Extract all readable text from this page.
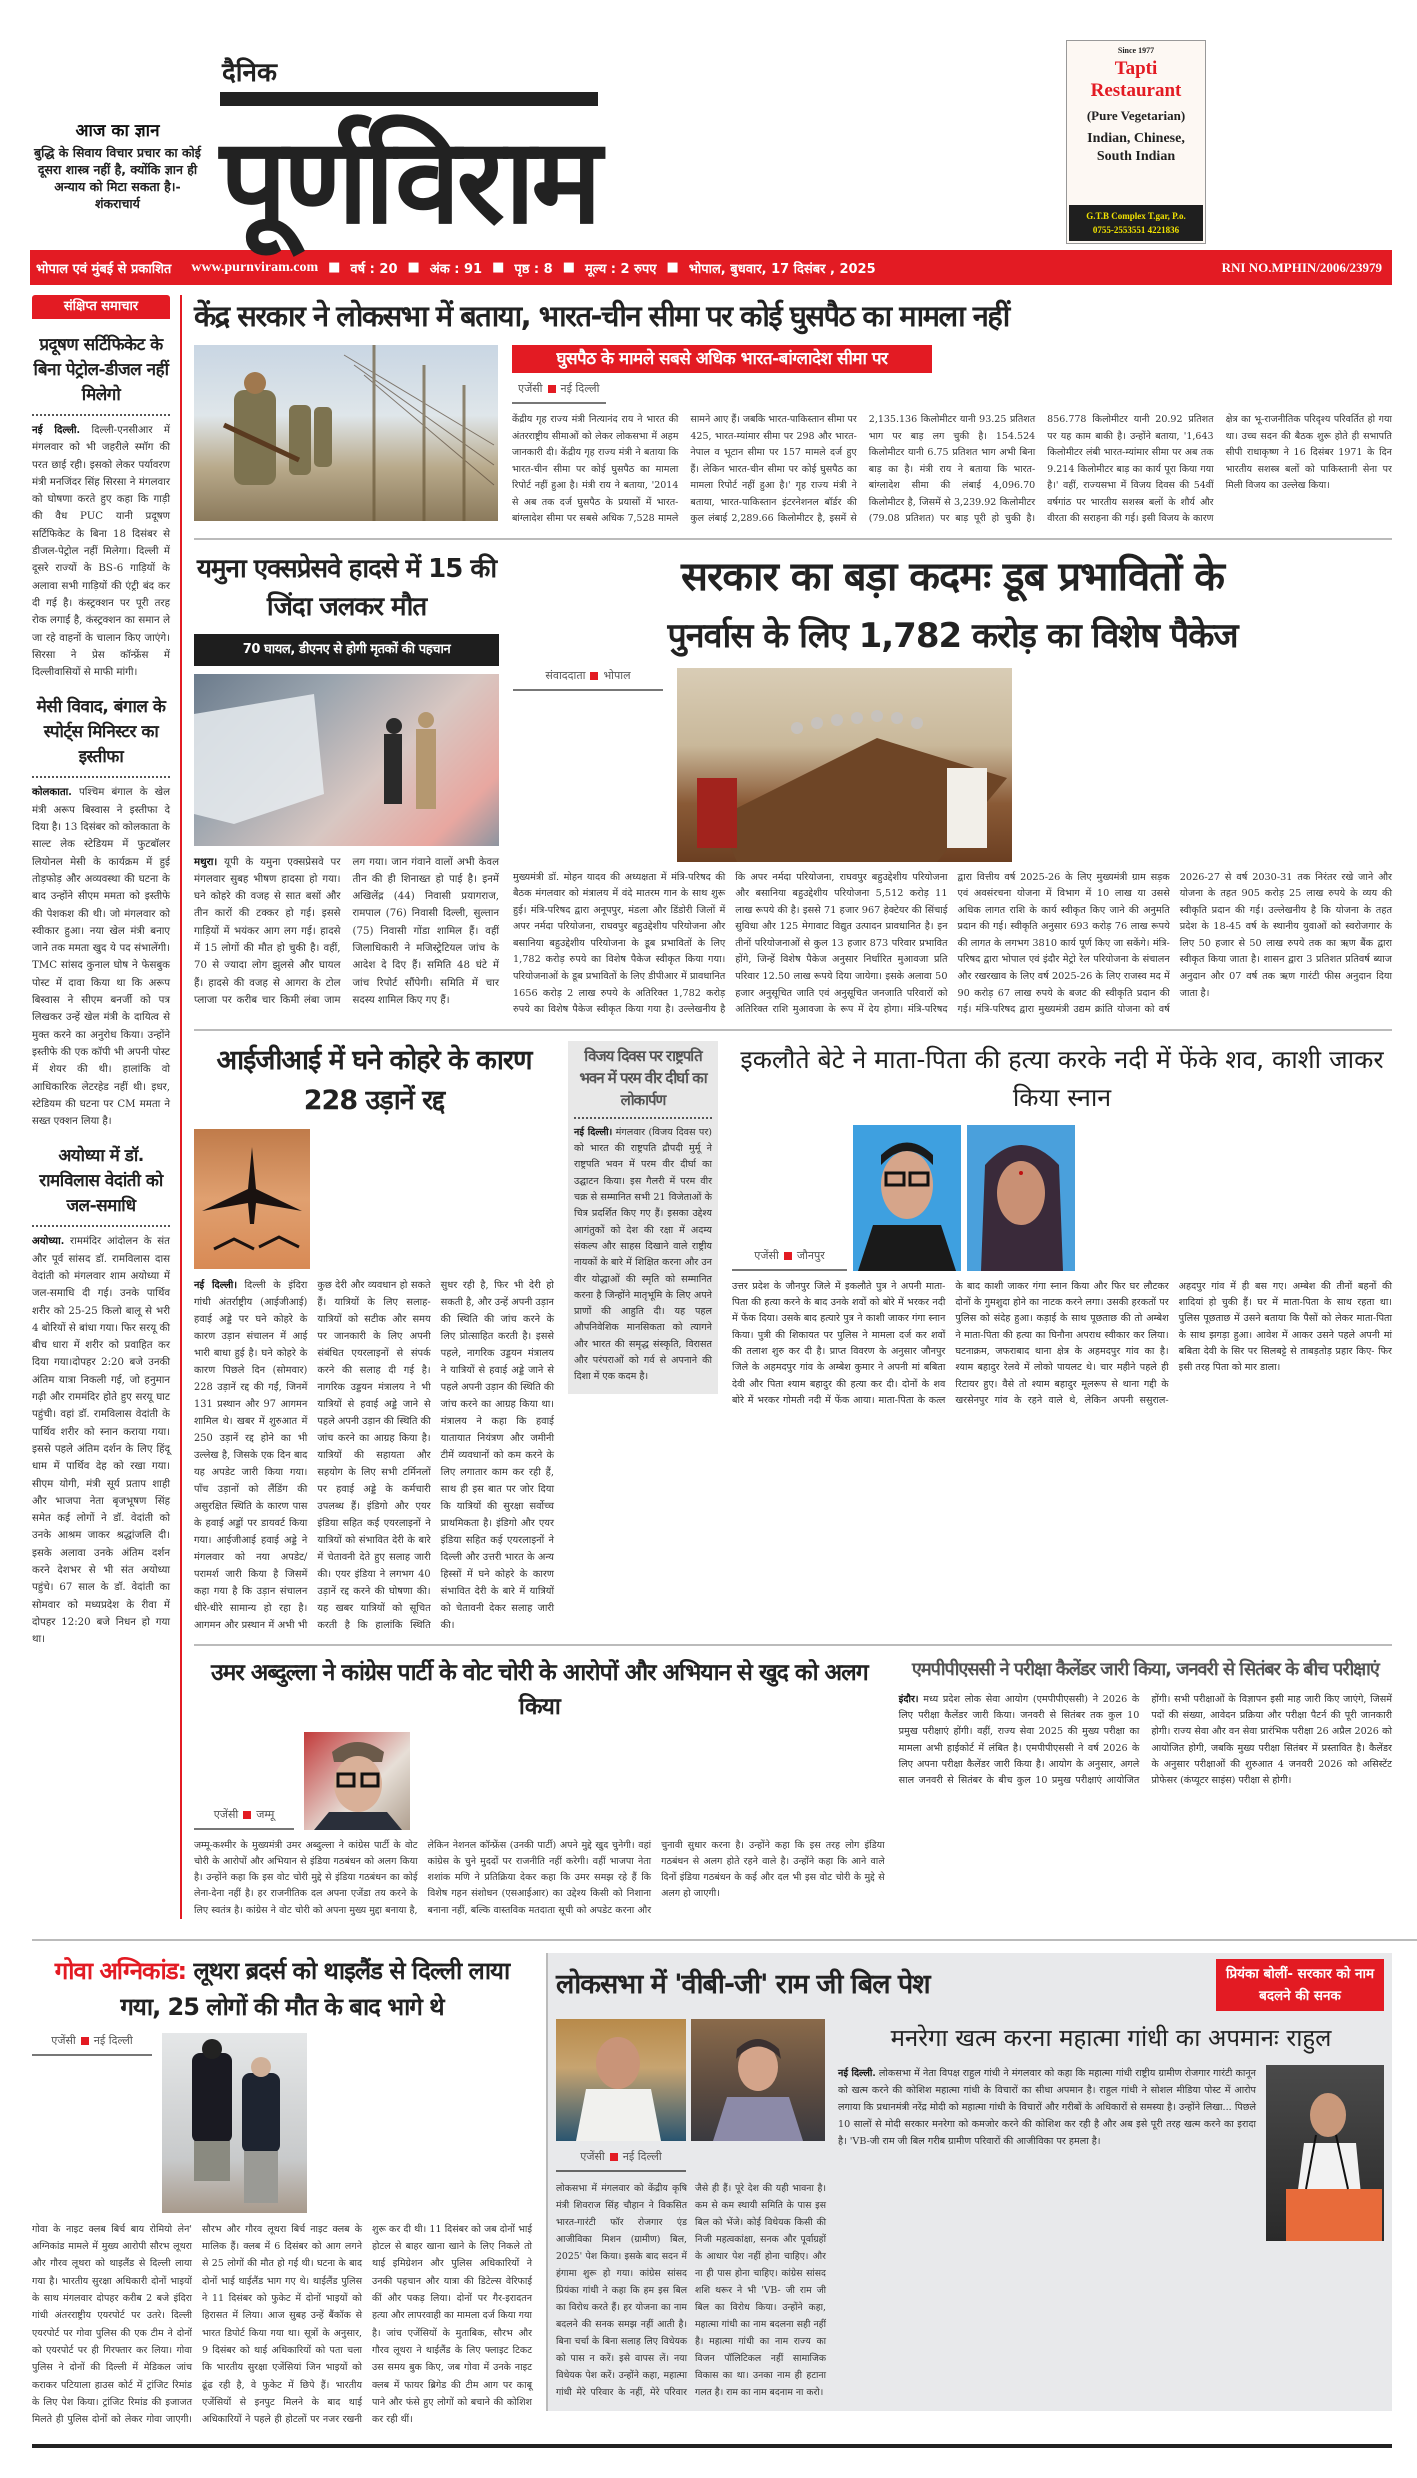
आज का ज्ञान
बुद्धि के सिवाय विचार प्रचार का कोई दूसरा शास्त्र नहीं है, क्योंकि ज्ञान ही अन्याय को मिटा सकता है।- शंकराचार्य
दैनिक
पूर्णविराम
Since 1977
Tapti Restaurant
(Pure Vegetarian)
Indian, Chinese, South Indian
G.T.B Complex T.gar, P.o.
0755-2553551 4221836
भोपाल एवं मुंबई से प्रकाशित www.purnviram.com ■ वर्ष : 20 ■ अंक : 91 ■ पृष्ठ : 8 ■ मूल्य : 2 रुपए ■ भोपाल, बुधवार, 17 दिसंबर , 2025	RNI NO.MPHIN/2006/23979
संक्षिप्त समाचार
प्रदूषण सर्टिफिकेट के बिना पेट्रोल-डीजल नहीं मिलेगो
नई दिल्ली. दिल्ली-एनसीआर में मंगलवार को भी जहरीले स्मॉग की परत छाई रही। इसको लेकर पर्यावरण मंत्री मनजिंदर सिंह सिरसा ने मंगलवार को घोषणा करते हुए कहा कि गाड़ी की वैध PUC यानी प्रदूषण सर्टिफिकेट के बिना 18 दिसंबर से डीजल-पेट्रोल नहीं मिलेगा। दिल्ली में दूसरे राज्यों के BS-6 गाड़ियों के अलावा सभी गाड़ियों की एंट्री बंद कर दी गई है। कंस्ट्रक्शन पर पूरी तरह रोक लगाई है, कंस्ट्रक्शन का समान ले जा रहे वाहनों के चालान किए जाएंगे। सिरसा ने प्रेस कॉन्फ्रेंस में दिल्लीवासियों से माफी मांगी।
मेसी विवाद, बंगाल के स्पोर्ट्स मिनिस्टर का इस्तीफा
कोलकाता. पश्चिम बंगाल के खेल मंत्री अरूप बिस्वास ने इस्तीफा दे दिया है। 13 दिसंबर को कोलकाता के साल्ट लेक स्टेडियम में फुटबॉलर लियोनल मेसी के कार्यक्रम में हुई तोड़फोड़ और अव्यवस्था की घटना के बाद उन्होंने सीएम ममता को इस्तीफे की पेशकश की थी। जो मंगलवार को स्वीकार हुआ। नया खेल मंत्री बनाए जाने तक ममता खुद ये पद संभालेंगी। TMC सांसद कुनाल घोष ने फेसबुक पोस्ट में दावा किया था कि अरूप बिस्वास ने सीएम बनर्जी को पत्र लिखकर उन्हें खेल मंत्री के दायित्व से मुक्त करने का अनुरोध किया। उन्होंने इस्तीफे की एक कॉपी भी अपनी पोस्ट में शेयर की थी। हालांकि वो आधिकारिक लेटरहेड नहीं थी। इधर, स्टेडियम की घटना पर CM ममता ने सख्त एक्शन लिया है।
अयोध्या में डॉ. रामविलास वेदांती को जल-समाधि
अयोध्या. राममंदिर आंदोलन के संत और पूर्व सांसद डॉ. रामविलास दास वेदांती को मंगलवार शाम अयोध्या में जल-समाधि दी गई। उनके पार्थिव शरीर को 25-25 किलो बालू से भरी 4 बोरियों से बांधा गया। फिर सरयू की बीच धारा में शरीर को प्रवाहित कर दिया गया।दोपहर 2:20 बजे उनकी अंतिम यात्रा निकली गई, जो हनुमान गढ़ी और राममंदिर होते हुए सरयू घाट पहुंची। वहां डॉ. रामविलास वेदांती के पार्थिव शरीर को स्नान कराया गया। इससे पहले अंतिम दर्शन के लिए हिंदू धाम में पार्थिव देह को रखा गया। सीएम योगी, मंत्री सूर्य प्रताप शाही और भाजपा नेता बृजभूषण सिंह समेत कई लोगों ने डॉ. वेदांती को उनके आश्रम जाकर श्रद्धांजलि दी। इसके अलावा उनके अंतिम दर्शन करने देशभर से भी संत अयोध्या पहुंचे। 67 साल के डॉ. वेदांती का सोमवार को मध्यप्रदेश के रीवा में दोपहर 12:20 बजे निधन हो गया था।
केंद्र सरकार ने लोकसभा में बताया, भारत-चीन सीमा पर कोई घुसपैठ का मामला नहीं
घुसपैठ के मामले सबसे अधिक भारत-बांग्लादेश सीमा पर
एजेंसी नई दिल्ली
केंद्रीय गृह राज्य मंत्री नित्यानंद राय ने भारत की अंतरराष्ट्रीय सीमाओं को लेकर लोकसभा में अहम जानकारी दी। केंद्रीय गृह राज्य मंत्री ने बताया कि भारत-चीन सीमा पर कोई घुसपैठ का मामला रिपोर्ट नहीं हुआ है। मंत्री राय ने बताया, '2014 से अब तक दर्ज घुसपैठ के प्रयासों में भारत-बांग्लादेश सीमा पर सबसे अधिक 7,528 मामले सामने आए हैं। जबकि भारत-पाकिस्तान सीमा पर 425, भारत-म्यांमार सीमा पर 298 और भारत-नेपाल व भूटान सीमा पर 157 मामले दर्ज हुए हैं। लेकिन भारत-चीन सीमा पर कोई घुसपैठ का मामला रिपोर्ट नहीं हुआ है।' गृह राज्य मंत्री ने बताया, भारत-पाकिस्तान इंटरनेशनल बॉर्डर की कुल लंबाई 2,289.66 किलोमीटर है, इसमें से 2,135.136 किलोमीटर यानी 93.25 प्रतिशत भाग पर बाड़ लग चुकी है। 154.524 किलोमीटर यानी 6.75 प्रतिशत भाग अभी बिना बाड़ का है। मंत्री राय ने बताया कि भारत-बांग्लादेश सीमा की लंबाई 4,096.70 किलोमीटर है, जिसमें से 3,239.92 किलोमीटर (79.08 प्रतिशत) पर बाड़ पूरी हो चुकी है। 856.778 किलोमीटर यानी 20.92 प्रतिशत पर यह काम बाकी है। उन्होंने बताया, '1,643 किलोमीटर लंबी भारत-म्यांमार सीमा पर अब तक 9.214 किलोमीटर बाड़ का कार्य पूरा किया गया है।' वहीं, राज्यसभा में विजय दिवस की 54वीं वर्षगांठ पर भारतीय सशस्त्र बलों के शौर्य और वीरता की सराहना की गई। इसी विजय के कारण क्षेत्र का भू-राजनीतिक परिदृश्य परिवर्तित हो गया था। उच्च सदन की बैठक शुरू होते ही सभापति सीपी राधाकृष्ण ने 16 दिसंबर 1971 के दिन भारतीय सशस्त्र बलों को पाकिस्तानी सेना पर मिली विजय का उल्लेख किया।
यमुना एक्सप्रेसवे हादसे में 15 की जिंदा जलकर मौत
70 घायल, डीएनए से होगी मृतकों की पहचान
मथुरा। यूपी के यमुना एक्सप्रेसवे पर मंगलवार सुबह भीषण हादसा हो गया। घने कोहरे की वजह से सात बसों और तीन कारों की टक्कर हो गई। इससे गाड़ियों में भयंकर आग लग गई। हादसे में 15 लोगों की मौत हो चुकी है। वहीं, 70 से ज्यादा लोग झुलसे और घायल हैं। हादसे की वजह से आगरा के टोल प्लाजा पर करीब चार किमी लंबा जाम लग गया। जान गंवाने वालों अभी केवल तीन की ही शिनाख्त हो पाई है। इनमें अखिलेंद्र (44) निवासी प्रयागराज, रामपाल (76) निवासी दिल्ली, सुल्तान (75) निवासी गोंडा शामिल हैं। वहीं जिलाधिकारी ने मजिस्ट्रेटियल जांच के आदेश दे दिए हैं। समिति 48 घंटे में जांच रिपोर्ट सौंपेगी। समिति में चार सदस्य शामिल किए गए हैं।
सरकार का बड़ा कदमः डूब प्रभावितों के
पुनर्वास के लिए 1,782 करोड़ का विशेष पैकेज
संवाददाता भोपाल
मुख्यमंत्री डॉ. मोहन यादव की अध्यक्षता में मंत्रि-परिषद की बैठक मंगलवार को मंत्रालय में वंदे मातरम गान के साथ शुरू हुई। मंत्रि-परिषद द्वारा अनूपपुर, मंडला और डिंडोरी जिलों में अपर नर्मदा परियोजना, राघवपुर बहुउद्देशीय परियोजना और बसानिया बहुउद्देशीय परियोजना के डूब प्रभावितों के लिए 1,782 करोड़ रुपये का विशेष पैकेज स्वीकृत किया गया। परियोजनाओं के डूब प्रभावितों के लिए डीपीआर में प्रावधानित 1656 करोड़ 2 लाख रुपये के अतिरिक्त 1,782 करोड़ रुपये का विशेष पैकेज स्वीकृत किया गया है। उल्लेखनीय है कि अपर नर्मदा परियोजना, राघवपुर बहुउद्देशीय परियोजना और बसानिया बहुउद्देशीय परियोजना 5,512 करोड़ 11 लाख रूपये की है। इससे 71 हजार 967 हेक्टेयर की सिंचाई सुविधा और 125 मेगावाट विद्युत उत्पादन प्रावधानित है। इन तीनों परियोजनाओं से कुल 13 हजार 873 परिवार प्रभावित होंगे, जिन्हें विशेष पैकेज अनुसार निर्धारित मुआवजा प्रति परिवार 12.50 लाख रूपये दिया जायेगा। इसके अलावा 50 हजार अनुसूचित जाति एवं अनुसूचित जनजाति परिवारों को अतिरिक्त राशि मुआवजा के रूप में देय होगा। मंत्रि-परिषद द्वारा वित्तीय वर्ष 2025-26 के लिए मुख्यमंत्री ग्राम सड़क एवं अवसंरचना योजना में विभाग में 10 लाख या उससे अधिक लागत राशि के कार्य स्वीकृत किए जाने की अनुमति प्रदान की गई। स्वीकृति अनुसार 693 करोड़ 76 लाख रूपये की लागत के लगभग 3810 कार्य पूर्ण किए जा सकेंगे। मंत्रि-परिषद द्वारा भोपाल एवं इंदौर मेट्रो रेल परियोजना के संचालन और रखरखाव के लिए वर्ष 2025-26 के लिए राजस्व मद में 90 करोड़ 67 लाख रुपये के बजट की स्वीकृति प्रदान की गई। मंत्रि-परिषद द्वारा मुख्यमंत्री उद्यम क्रांति योजना को वर्ष 2026-27 से वर्ष 2030-31 तक निरंतर रखे जाने और योजना के तहत 905 करोड़ 25 लाख रुपये के व्यय की स्वीकृति प्रदान की गई। उल्लेखनीय है कि योजना के तहत प्रदेश के 18-45 वर्ष के स्थानीय युवाओं को स्वरोजगार के लिए 50 हजार से 50 लाख रुपये तक का ऋण बैंक द्वारा स्वीकृत किया जाता है। शासन द्वारा 3 प्रतिशत प्रतिवर्ष ब्याज अनुदान और 07 वर्ष तक ऋण गारंटी फीस अनुदान दिया जाता है।
आईजीआई में घने कोहरे के कारण 228 उड़ानें रद्द
नई दिल्ली। दिल्ली के इंदिरा गांधी अंतर्राष्ट्रीय (आईजीआई) हवाई अड्डे पर घने कोहरे के कारण उड़ान संचालन में आई भारी बाधा हुई है। घने कोहरे के कारण पिछले दिन (सोमवार) 228 उड़ानें रद्द की गईं, जिनमें 131 प्रस्थान और 97 आगमन शामिल थे। खबर में शुरुआत में 250 उड़ानें रद्द होने का भी उल्लेख है, जिसके एक दिन बाद यह अपडेट जारी किया गया। पाँच उड़ानों को लैंडिंग की असुरक्षित स्थिति के कारण पास के हवाई अड्डों पर डायवर्ट किया गया। आईजीआई हवाई अड्डे ने मंगलवार को नया अपडेट/परामर्श जारी किया है जिसमें कहा गया है कि उड़ान संचालन धीरे-धीरे सामान्य हो रहा है। आगमन और प्रस्थान में अभी भी कुछ देरी और व्यवधान हो सकते हैं। यात्रियों के लिए सलाह- यात्रियों को सटीक और समय पर जानकारी के लिए अपनी संबंधित एयरलाइनों से संपर्क करने की सलाह दी गई है। नागरिक उड्डयन मंत्रालय ने भी यात्रियों से हवाई अड्डे जाने से पहले अपनी उड़ान की स्थिति की जांच करने का आग्रह किया है। यात्रियों की सहायता और सहयोग के लिए सभी टर्मिनलों पर हवाई अड्डे के कर्मचारी उपलब्ध हैं। इंडिगो और एयर इंडिया सहित कई एयरलाइनों ने यात्रियों को संभावित देरी के बारे में चेतावनी देते हुए सलाह जारी की। एयर इंडिया ने लगभग 40 उड़ानें रद्द करने की घोषणा की। यह खबर यात्रियों को सूचित करती है कि हालांकि स्थिति सुधर रही है, फिर भी देरी हो सकती है, और उन्हें अपनी उड़ान की स्थिति की जांच करने के लिए प्रोत्साहित करती है। इससे पहले, नागरिक उड्डयन मंत्रालय ने यात्रियों से हवाई अड्डे जाने से पहले अपनी उड़ान की स्थिति की जांच करने का आग्रह किया था। मंत्रालय ने कहा कि हवाई यातायात नियंत्रण और जमीनी टीमें व्यवधानों को कम करने के लिए लगातार काम कर रही हैं, साथ ही इस बात पर जोर दिया कि यात्रियों की सुरक्षा सर्वोच्च प्राथमिकता है। इंडिगो और एयर इंडिया सहित कई एयरलाइनों ने दिल्ली और उत्तरी भारत के अन्य हिस्सों में घने कोहरे के कारण संभावित देरी के बारे में यात्रियों को चेतावनी देकर सलाह जारी की।
विजय दिवस पर राष्ट्रपति भवन में परम वीर दीर्घा का लोकार्पण
नई दिल्ली। मंगलवार (विजय दिवस पर) को भारत की राष्ट्रपति द्रौपदी मुर्मू ने राष्ट्रपति भवन में परम वीर दीर्घा का उद्घाटन किया। इस गैलरी में परम वीर चक्र से सम्मानित सभी 21 विजेताओं के चित्र प्रदर्शित किए गए हैं। इसका उद्देश्य आगंतुकों को देश की रक्षा में अदम्य संकल्प और साहस दिखाने वाले राष्ट्रीय नायकों के बारे में शिक्षित करना और उन वीर योद्धाओं की स्मृति को सम्मानित करना है जिन्होंने मातृभूमि के लिए अपने प्राणों की आहुति दी। यह पहल औपनिवेशिक मानसिकता को त्यागने और भारत की समृद्ध संस्कृति, विरासत और परंपराओं को गर्व से अपनाने की दिशा में एक कदम है।
इकलौते बेटे ने माता-पिता की हत्या करके नदी में फेंके शव, काशी जाकर किया स्नान
एजेंसी जौनपुर
उत्तर प्रदेश के जौनपुर जिले में इकलौते पुत्र ने अपनी माता-पिता की हत्या करने के बाद उनके शवों को बोरे में भरकर नदी में फेंक दिया। उसके बाद हत्यारे पुत्र ने काशी जाकर गंगा स्नान किया। पुत्री की शिकायत पर पुलिस ने मामला दर्ज कर शवों की तलाश शुरु कर दी है। प्राप्त विवरण के अनुसार जौनपुर जिले के अहमदपुर गांव के अम्बेश कुमार ने अपनी मां बबिता देवी और पिता श्याम बहादुर की हत्या कर दी। दोनों के शव बोरे में भरकर गोमती नदी में फेंक आया। माता-पिता के कत्ल के बाद काशी जाकर गंगा स्नान किया और फिर घर लौटकर दोनों के गुमशुदा होने का नाटक करने लगा। उसकी हरकतों पर पुलिस को संदेह हुआ। कड़ाई के साथ पूछताछ की तो अम्बेश ने माता-पिता की हत्या का घिनौना अपराध स्वीकार कर लिया। घटनाक्रम, जफराबाद थाना क्षेत्र के अहमदपुर गांव का है। श्याम बहादुर रेलवे में लोको पायलट थे। चार महीने पहले ही रिटायर हुए। वैसे तो श्याम बहादुर मूलरूप से थाना गद्दी के खरसेनपुर गांव के रहने वाले थे, लेकिन अपनी ससुराल-अहदपुर गांव में ही बस गए। अम्बेश की तीनों बहनों की शादियां हो चुकी हैं। घर में माता-पिता के साथ रहता था। पुलिस पूछताछ में उसने बताया कि पैसों को लेकर माता-पिता के साथ झगड़ा हुआ। आवेश में आकर उसने पहले अपनी मां बबिता देवी के सिर पर सिलबट्टे से ताबड़तोड़ प्रहार किए- फिर इसी तरह पिता को मार डाला।
उमर अब्दुल्ला ने कांग्रेस पार्टी के वोट चोरी के आरोपों और अभियान से खुद को अलग किया
एजेंसी जम्मू
जम्मू-कश्मीर के मुख्यमंत्री उमर अब्दुल्ला ने कांग्रेस पार्टी के वोट चोरी के आरोपों और अभियान से इंडिया गठबंधन को अलग किया है। उन्होंने कहा कि इस वोट चोरी मुद्दे से इंडिया गठबंधन का कोई लेना-देना नहीं है। हर राजनीतिक दल अपना एजेंडा तय करने के लिए स्वतंत्र है। कांग्रेस ने वोट चोरी को अपना मुख्य मुद्दा बनाया है, लेकिन नेशनल कॉन्फ्रेंस (उनकी पार्टी) अपने मुद्दे खुद चुनेगी। वहां कांग्रेस के चुने मुददों पर राजनीति नहीं करेगी। वहीं भाजपा नेता शशांक मणि ने प्रतिक्रिया देकर कहा कि उमर समझ रहे हैं कि विशेष गहन संशोधन (एसआईआर) का उद्देश्य किसी को निशाना बनाना नहीं, बल्कि वास्तविक मतदाता सूची को अपडेट करना और चुनावी सुधार करना है। उन्होंने कहा कि इस तरह लोग इंडिया गठबंधन से अलग होते रहने वाले है। उन्होंने कहा कि आने वाले दिनों इंडिया गठबंधन के कई और दल भी इस वोट चोरी के मुद्दे से अलग हो जाएगी।
एमपीपीएससी ने परीक्षा कैलेंडर जारी किया, जनवरी से सितंबर के बीच परीक्षाएं
इंदौर। मध्य प्रदेश लोक सेवा आयोग (एमपीपीएससी) ने 2026 के लिए परीक्षा कैलेंडर जारी किया। जनवरी से सितंबर तक कुल 10 प्रमुख परीक्षाएं होंगी। वहीं, राज्य सेवा 2025 की मुख्य परीक्षा का मामला अभी हाईकोर्ट में लंबित है। एमपीपीएससी ने वर्ष 2026 के लिए अपना परीक्षा कैलेंडर जारी किया है। आयोग के अनुसार, अगले साल जनवरी से सितंबर के बीच कुल 10 प्रमुख परीक्षाएं आयोजित होंगी। सभी परीक्षाओं के विज्ञापन इसी माह जारी किए जाएंगे, जिसमें पदों की संख्या, आवेदन प्रक्रिया और परीक्षा पैटर्न की पूरी जानकारी होगी। राज्य सेवा और वन सेवा प्रारंभिक परीक्षा 26 अप्रैल 2026 को आयोजित होगी, जबकि मुख्य परीक्षा सितंबर में प्रस्तावित है। कैलेंडर के अनुसार परीक्षाओं की शुरुआत 4 जनवरी 2026 को असिस्टेंट प्रोफेसर (कंप्यूटर साइंस) परीक्षा से होगी।
गोवा अग्निकांड: लूथरा ब्रदर्स को थाइलैंड से दिल्ली लाया गया, 25 लोगों की मौत के बाद भागे थे
एजेंसी नई दिल्ली
गोवा के नाइट क्लब बिर्च बाय रोमियो लेन' अग्निकांड मामले में मुख्य आरोपी सौरभ लूथरा और गौरव लूथरा को थाइलैंड से दिल्ली लाया गया है। भारतीय सुरक्षा अधिकारी दोनों भाइयों के साथ मंगलवार दोपहर करीब 2 बजे इंदिरा गांधी अंतरराष्ट्रीय एयरपोर्ट पर उतरे। दिल्ली एयरपोर्ट पर गोवा पुलिस की एक टीम ने दोनों को एयरपोर्ट पर ही गिरफ्तार कर लिया। गोवा पुलिस ने दोनों की दिल्ली में मेडिकल जांच कराकर पटियाला हाउस कोर्ट में ट्रांजिट रिमांड के लिए पेश किया। ट्रांजिट रिमांड की इजाजत मिलते ही पुलिस दोनों को लेकर गोवा जाएगी। सौरभ और गौरव लूथरा बिर्च नाइट क्लब के मालिक हैं। क्लब में 6 दिसंबर को आग लगने से 25 लोगों की मौत हो गई थी। घटना के बाद दोनों भाई थाईलैंड भाग गए थे। थाईलैंड पुलिस ने 11 दिसंबर को फुकेट में दोनों भाइयों को हिरासत में लिया। आज सुबह उन्हें बैंकॉक से भारत डिपोर्ट किया गया था। सूत्रों के अनुसार, 9 दिसंबर को थाई अधिकारियों को पता चला कि भारतीय सुरक्षा एजेंसियां जिन भाइयों को ढूंढ रही है, वे फुकेट में छिपे हैं। भारतीय एजेंसियों से इनपुट मिलने के बाद थाई अधिकारियों ने पहले ही होटलों पर नजर रखनी शुरू कर दी थी। 11 दिसंबर को जब दोनों भाई होटल से बाहर खाना खाने के लिए निकले तो थाई इमिग्रेशन और पुलिस अधिकारियों ने उनकी पहचान और यात्रा की डिटेल्स वेरिफाई कीं और पकड़ लिया। दोनों पर गैर-इरादतन हत्या और लापरवाही का मामला दर्ज किया गया है। जांच एजेंसियों के मुताबिक, सौरभ और गौरव लूथरा ने थाईलैंड के लिए फ्लाइट टिकट उस समय बुक किए, जब गोवा में उनके नाइट क्लब में फायर ब्रिगेड की टीम आग पर काबू पाने और फंसे हुए लोगों को बचाने की कोशिश कर रही थीं।
लोकसभा में 'वीबी-जी' राम जी बिल पेश	प्रियंका बोलीं- सरकार को नाम बदलने की सनक
एजेंसी नई दिल्ली
लोकसभा में मंगलवार को केंद्रीय कृषि मंत्री शिवराज सिंह चौहान ने विकसित भारत-गारंटी फॉर रोजगार एंड आजीविका मिशन (ग्रामीण) बिल, 2025' पेश किया। इसके बाद सदन में हंगामा शुरू हो गया। कांग्रेस सांसद प्रियंका गांधी ने कहा कि हम इस बिल का विरोध करते हैं। हर योजना का नाम बदलने की सनक समझ नहीं आती है। बिना चर्चा के बिना सलाह लिए विधेयक को पास न करें। इसे वापस लें। नया विधेयक पेश करें। उन्होंने कहा, महात्मा गांधी मेरे परिवार के नहीं, मेरे परिवार जैसे ही हैं। पूरे देश की यही भावना है। कम से कम स्थायी समिति के पास इस बिल को भेंजे। कोई विधेयक किसी की निजी महत्वकांक्षा, सनक और पूर्वाग्रहों के आधार पेश नहीं होना चाहिए। और ना ही पास होना चाहिए। कांग्रेस सांसद शशि थरूर ने भी 'VB- जी राम जी बिल का विरोध किया। उन्होंने कहा, महात्मा गांधी का नाम बदलना सही नहीं है। महात्मा गांधी का नाम राज्य का विजन पॉलिटिकल नहीं सामाजिक विकास का था। उनका नाम ही हटाना गलत है। राम का नाम बदनाम ना करो।
मनरेगा खत्म करना महात्मा गांधी का अपमानः राहुल
नई दिल्ली. लोकसभा में नेता विपक्ष राहुल गांधी ने मंगलवार को कहा कि महात्मा गांधी राष्ट्रीय ग्रामीण रोजगार गारंटी कानून को खत्म करने की कोशिश महात्मा गांधी के विचारों का सीधा अपमान है। राहुल गांधी ने सोशल मीडिया पोस्ट में आरोप लगाया कि प्रधानमंत्री नरेंद्र मोदी को महात्मा गांधी के विचारों और गरीबों के अधिकारों से समस्या है। उन्होंने लिखा... पिछले 10 सालों से मोदी सरकार मनरेगा को कमजोर करने की कोशिश कर रही है और अब इसे पूरी तरह खत्म करने का इरादा है। 'VB-जी राम जी बिल गरीब ग्रामीण परिवारों की आजीविका पर हमला है।
